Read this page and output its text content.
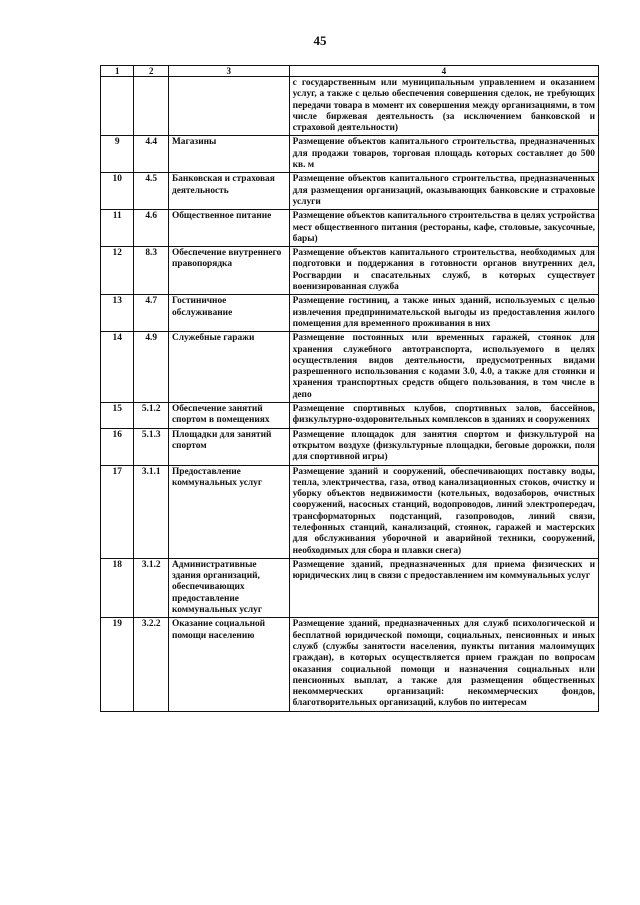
45
1	2	3	4
			с государственным или муниципальным управлением и оказанием услуг, а также с целью обеспечения совершения сделок, не требующих передачи товара в момент их совершения между организациями, в том числе биржевая деятельность (за исключением банковской и страховой деятельности)
9	4.4	Магазины	Размещение объектов капитального строительства, предназначенных для продажи товаров, торговая площадь которых составляет до 500 кв. м
10	4.5	Банковская и страховая деятельность	Размещение объектов капитального строительства, предназначенных для размещения организаций, оказывающих банковские и страховые услуги
11	4.6	Общественное питание	Размещение объектов капитального строительства в целях устройства мест общественного питания (рестораны, кафе, столовые, закусочные, бары)
12	8.3	Обеспечение внутреннего правопорядка	Размещение объектов капитального строительства, необходимых для подготовки и поддержания в готовности органов внутренних дел, Росгвардии и спасательных служб, в которых существует военизированная служба
13	4.7	Гостиничное обслуживание	Размещение гостиниц, а также иных зданий, используемых с целью извлечения предпринимательской выгоды из предоставления жилого помещения для временного проживания в них
14	4.9	Служебные гаражи	Размещение постоянных или временных гаражей, стоянок для хранения служебного автотранспорта, используемого в целях осуществления видов деятельности, предусмотренных видами разрешенного использования с кодами 3.0, 4.0, а также для стоянки и хранения транспортных средств общего пользования, в том числе в депо
15	5.1.2	Обеспечение занятий спортом в помещениях	Размещение спортивных клубов, спортивных залов, бассейнов, физкультурно-оздоровительных комплексов в зданиях и сооружениях
16	5.1.3	Площадки для занятий спортом	Размещение площадок для занятия спортом и физкультурой на открытом воздухе (физкультурные площадки, беговые дорожки, поля для спортивной игры)
17	3.1.1	Предоставление коммунальных услуг	Размещение зданий и сооружений, обеспечивающих поставку воды, тепла, электричества, газа, отвод канализационных стоков, очистку и уборку объектов недвижимости (котельных, водозаборов, очистных сооружений, насосных станций, водопроводов, линий электропередач, трансформаторных подстанций, газопроводов, линий связи, телефонных станций, канализаций, стоянок, гаражей и мастерских для обслуживания уборочной и аварийной техники, сооружений, необходимых для сбора и плавки снега)
18	3.1.2	Административные здания организаций, обеспечивающих предоставление коммунальных услуг	Размещение зданий, предназначенных для приема физических и юридических лиц в связи с предоставлением им коммунальных услуг
19	3.2.2	Оказание социальной помощи населению	Размещение зданий, предназначенных для служб психологической и бесплатной юридической помощи, социальных, пенсионных и иных служб (службы занятости населения, пункты питания малоимущих граждан), в которых осуществляется прием граждан по вопросам оказания социальной помощи и назначения социальных или пенсионных выплат, а также для размещения общественных некоммерческих организаций: некоммерческих фондов, благотворительных организаций, клубов по интересам
